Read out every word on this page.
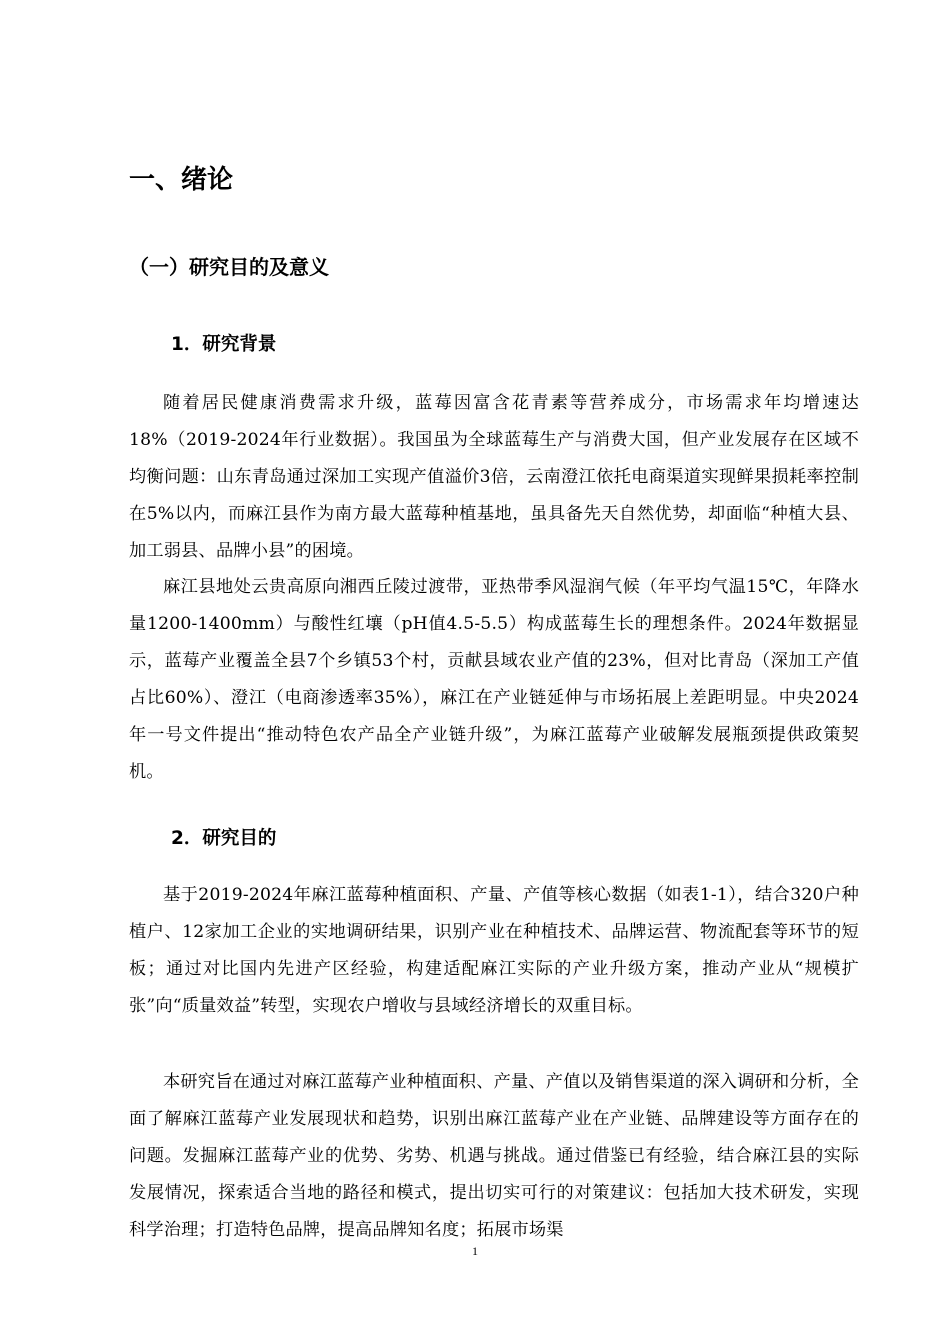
一、绪论
（一）研究目的及意义
1．研究背景

随着居民健康消费需求升级，蓝莓因富含花青素等营养成分，市场需求年均增速达18%（2019-2024年行业数据）。我国虽为全球蓝莓生产与消费大国，但产业发展存在区域不均衡问题：山东青岛通过深加工实现产值溢价3倍，云南澄江依托电商渠道实现鲜果损耗率控制在5%以内，而麻江县作为南方最大蓝莓种植基地，虽具备先天自然优势，却面临“种植大县、加工弱县、品牌小县”的困境。

麻江县地处云贵高原向湘西丘陵过渡带，亚热带季风湿润气候（年平均气温15℃，年降水量1200-1400mm）与酸性红壤（pH值4.5-5.5）构成蓝莓生长的理想条件。2024年数据显示，蓝莓产业覆盖全县7个乡镇53个村，贡献县域农业产值的23%，但对比青岛（深加工产值占比60%）、澄江（电商渗透率35%），麻江在产业链延伸与市场拓展上差距明显。中央2024年一号文件提出“推动特色农产品全产业链升级”，为麻江蓝莓产业破解发展瓶颈提供政策契机。

2．研究目的

基于2019-2024年麻江蓝莓种植面积、产量、产值等核心数据（如表1-1），结合320户种植户、12家加工企业的实地调研结果，识别产业在种植技术、品牌运营、物流配套等环节的短板；通过对比国内先进产区经验，构建适配麻江实际的产业升级方案，推动产业从“规模扩张”向“质量效益”转型，实现农户增收与县域经济增长的双重目标。

本研究旨在通过对麻江蓝莓产业种植面积、产量、产值以及销售渠道的深入调研和分析，全面了解麻江蓝莓产业发展现状和趋势，识别出麻江蓝莓产业在产业链、品牌建设等方面存在的问题。发掘麻江蓝莓产业的优势、劣势、机遇与挑战。通过借鉴已有经验，结合麻江县的实际发展情况，探索适合当地的路径和模式，提出切实可行的对策建议：包括加大技术研发，实现科学治理；打造特色品牌，提高品牌知名度；拓展市场渠

1
